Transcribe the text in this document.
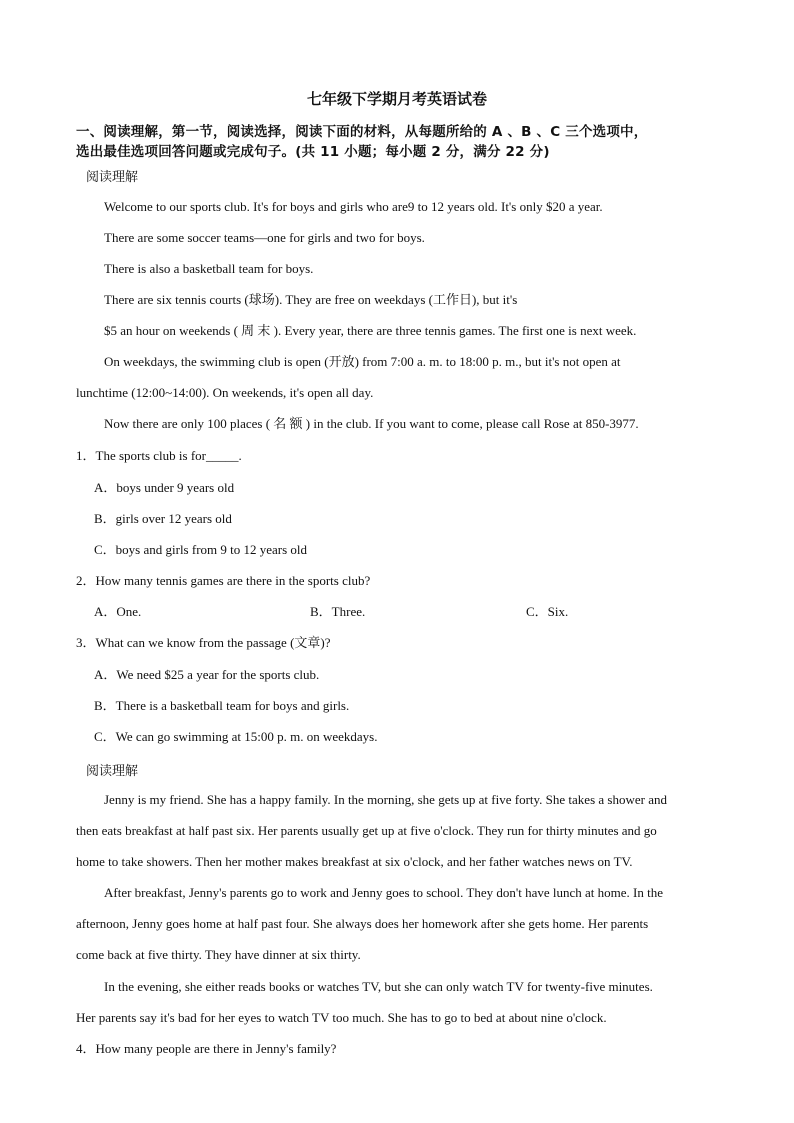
七年级下学期月考英语试卷
一、阅读理解，第一节，阅读选择，阅读下面的材料，从每题所给的 A 、B 、C 三个选项中，
选出最佳选项回答问题或完成句子。(共 11 小题；每小题 2 分，满分 22 分)
阅读理解
Welcome to our sports club. It's for boys and girls who are9 to 12 years old. It's only $20 a year.
There are some soccer teams—one for girls and two for boys.
There is also a basketball team for boys.
There are six tennis courts (球场). They are free on weekdays (工作日), but it's
$5 an hour on weekends ( 周 末 ). Every year, there are three tennis games. The first one is next week.
On weekdays, the swimming club is open (开放) from 7:00 a. m. to 18:00 p. m., but it's not open at
lunchtime (12:00~14:00). On weekends, it's open all day.
Now there are only 100 places ( 名 额 ) in the club. If you want to come, please call Rose at 850-3977.
1．The sports club is for_____.
A．boys under 9 years old
B．girls over 12 years old
C．boys and girls from 9 to 12 years old
2．How many tennis games are there in the sports club?
A．One.	B．Three.	C．Six.
3．What can we know from the passage (文章)?
A．We need $25 a year for the sports club.
B．There is a basketball team for boys and girls.
C．We can go swimming at 15:00 p. m. on weekdays.
阅读理解
Jenny is my friend. She has a happy family. In the morning, she gets up at five forty. She takes a shower and
then eats breakfast at half past six. Her parents usually get up at five o'clock. They run for thirty minutes and go
home to take showers. Then her mother makes breakfast at six o'clock, and her father watches news on TV.
After breakfast, Jenny's parents go to work and Jenny goes to school. They don't have lunch at home. In the
afternoon, Jenny goes home at half past four. She always does her homework after she gets home. Her parents
come back at five thirty. They have dinner at six thirty.
In the evening, she either reads books or watches TV, but she can only watch TV for twenty-five minutes.
Her parents say it's bad for her eyes to watch TV too much. She has to go to bed at about nine o'clock.
4．How many people are there in Jenny's family?
